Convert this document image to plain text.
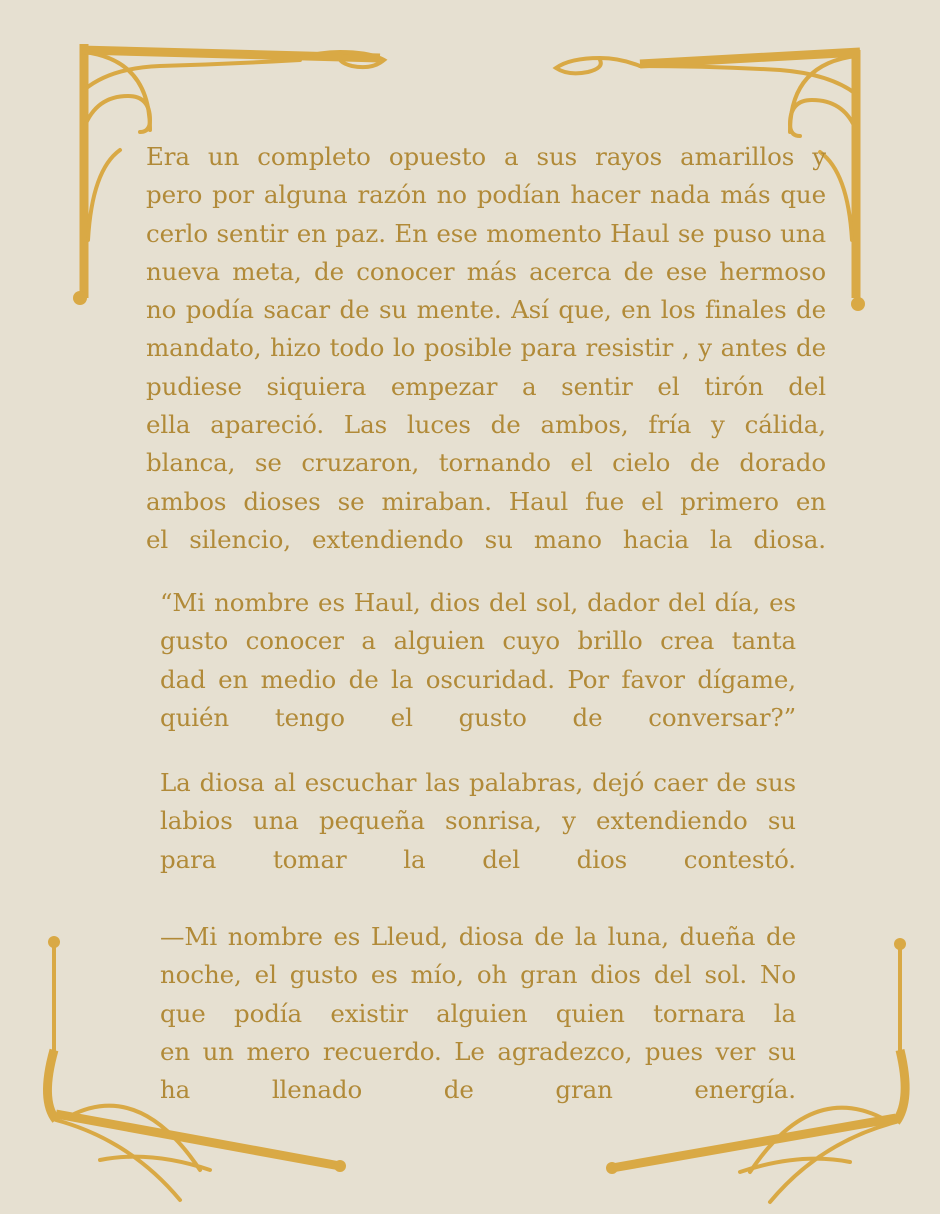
Era un completo opuesto a sus rayos amarillos y
pero por alguna razón no podían hacer nada más que
cerlo sentir en paz. En ese momento Haul se puso una
nueva meta, de conocer más acerca de ese hermoso
no podía sacar de su mente. Así que, en los finales de
mandato, hizo todo lo posible para resistir , y antes de
pudiese siquiera empezar a sentir el tirón del
ella apareció. Las luces de ambos, fría y cálida,
blanca, se cruzaron, tornando el cielo de dorado
ambos dioses se miraban. Haul fue el primero en
el silencio, extendiendo su mano hacia la diosa.
“Mi nombre es Haul, dios del sol, dador del día, es
gusto conocer a alguien cuyo brillo crea tanta
dad en medio de la oscuridad. Por favor dígame,
quién tengo el gusto de conversar?”
La diosa al escuchar las palabras, dejó caer de sus
labios una pequeña sonrisa, y extendiendo su
para tomar la del dios contestó.
—Mi nombre es Lleud, diosa de la luna, dueña de
noche, el gusto es mío, oh gran dios del sol. No
que podía existir alguien quien tornara la
en un mero recuerdo. Le agradezco, pues ver su
ha llenado de gran energía.
